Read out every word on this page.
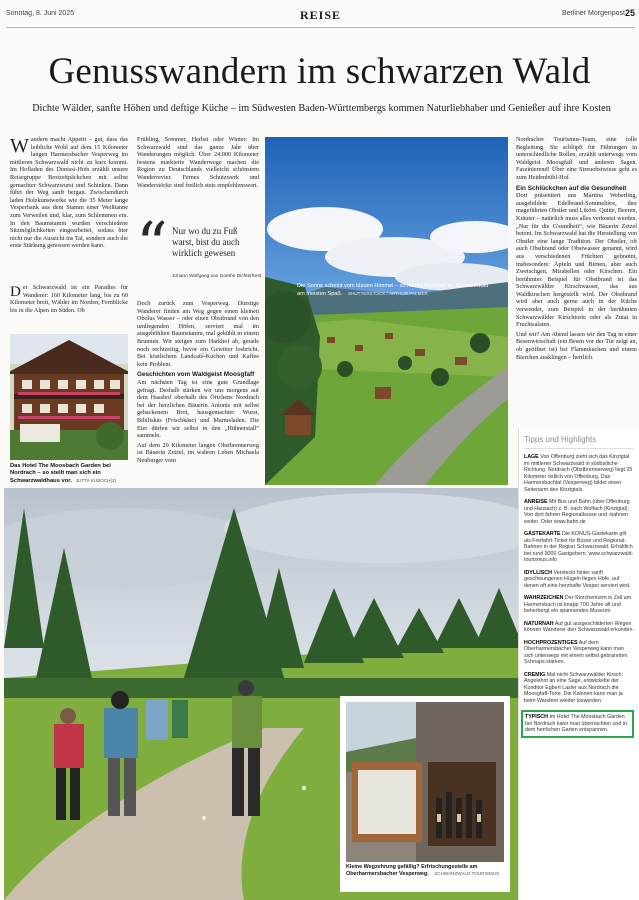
Sonntag, 8. Juni 2025	REISE	Berliner Morgenpost 25
Genusswandern im schwarzen Wald
Dichte Wälder, sanfte Höhen und deftige Küche – im Südwesten Baden-Württembergs kommen Naturliebhaber und Genießer auf ihre Kosten

Wandern macht Appetit – gut, dass das leibliche Wohl auf dem 15 Kilometer langen Harmersbacher Vesperweg im mittleren Schwarzwald nicht zu kurz kommt. Im Hofladen des Donissi-Hofs erzählt unsere Reisegruppe Brotzeitpäckchen mit selbst gemachter Schwarzwurst und Schinken. Dann führt der Weg sanft bergan. Zwischendurch laden Holzkunstwerke wie die 35 Meter lange Vesperbank aus dem Stamm einer Weißtanne zum Verweilen und, klar, zum Schlemmen ein. In den Baumstamm wurden verschiedene Sitzmöglichkeiten eingearbeitet, sodass hier nicht nur die Aussicht ins Tal, sondern auch die erste Stärkung genossen werden kann.

Der Schwarzwald ist ein Paradies für Wanderer: 160 Kilometer lang, bis zu 60 Kilometer breit, Wälder im Norden, Fernblicke bis in die Alpen im Süden. Ob

Das Hotel The Moosbach Garden bei Nordrach – so stellt man sich ein Schwarzwaldhaus vor. JUTTA KUBOCH(2)

Frühling, Sommer, Herbst oder Winter: Im Schwarzwald sind das ganze Jahr über Wanderungen möglich. Über 24.000 Kilometer bestens markierte Wanderwege machen die Region zu Deutschlands vielleicht schönstem Wanderrevier. Fernes Schutzwerk und Wanderstöcke sind freilich stets empfehlenswert.

“ Nur wo du zu Fuß warst, bist du auch wirklich gewesen
Johann Wolfgang von Goethe Dichterfürst

Doch zurück zum Vesperweg. Durstige Wanderer finden am Weg gegen einen kleinen Obolus Wasser – oder einen Obstbrand von den umliegenden Höfen, serviert mal im ausgehöhlten Baumstamm, mal gekühlt in einem Brunnen. Wir steigen zum Harkhof ab, gerade noch rechtzeitig, bevor ein Gewitter losbricht. Bei köstlichem Landcafé-Kuchen und Kaffee kein Problem.

Geschichten vom Waldgeist Moosgfaff

Am nächsten Tag ist eine gute Grundlage gefragt. Deshalb stärken wir uns morgens auf dem Haashof oberhalb des Örtchens Nordrach bei der herzlichen Bäuerin Antonis mit selbst gebackenem Brot, hausgemachter Wurst, Bibiliskäs (Frischkäse) und Marmeladen. Die Eier dürfen wir selbst in den „Hühnerstall“ sammeln.

Auf dem 20 Kilometer langen Obstbrennerweg ist Bäuerin Zetzel, im wahren Leben Michaela Neuburger vom

Die Sonne scheint vom blauen Himmel – so macht Wandern im Schwarzwald am meisten Spaß. SHUTTERSTOCK / ARTHUR PALMER

Nordracher Tourismus-Team, eine tolle Begleitung. Sie schlüpft für Führungen in unterschiedliche Rollen, erzählt unterwegs vom Waldgeist Moosgfaff und anderen Sagen. Faszinierend! Über eine Streuobstwiese geht es zum Heidenbühl-Hof.

Ein Schlückchen auf die Gesundheit

Dort präsentiert uns Martina Weberling, ausgebildete Edelbrand-Sommelière, ihre mageführten Obstler und Liköre. Quitte, Beeren, Kräuter – natürlich muss alles verkostet werden. „Nur für die G'sundheit“, wie Bäuerin Zetzel betont. Im Schwarzwald hat die Herstellung von Obstler eine lange Tradition. Der Obstler, oft auch Obstbrand oder Obstwasser genannt, wird aus verschiedenen Früchten gebrannt, insbesondere: Äpfeln und Birnen, aber auch Zwetschgen, Mirabellen oder Kirschen. Ein berühmtes Beispiel für Obstbrand ist das Schwarzwälder Kirschwasser, das aus Waldkirschen hergestellt wird. Der Obstbrand wird aber auch gerne auch in der Küche verwendet, zum Beispiel in der berühmten Schwarzwälder Kirschtorte oder als Zutat in Fruchtsalaten.

Und wir? Am Abend lassen wir den Tag in einer Besenwirtschaft (ein Besen vor der Tür zeigt an, ob geöffnet ist) bei Flammkuchen und einem Bierchen ausklingen – herrlich.

Kleine Wegzehrung gefällig? Erfrischungsstelle am Oberharmersbacher Vesperweg. SCHWARZWALD TOURISMUS
Tipps und Highlights
LAGE Von Offenburg zieht sich das Kinzigtal im mittleren Schwarzwald in südöstliche Richtung. Nordrach (Obstbrennerweg) liegt 25 Kilometer östlich von Offenburg, Das Harmersbachtal (Vesperweg) bildet einen Seitenarm des Kinzigtals.
ANREISE Mit Bus und Bahn (über Offenburg und Hausach) z. B. nach Wolfach (Kinzigtal). Von dort fahren Regionalbusse und -bahnen weiter. Oder www.bahn.de
GÄSTEKARTE Die KONUS-Gästekarte gilt als Freifahrt-Ticket für Busse und Regional-Bahnen in der Region Schwarzwald. Erhältlich bei rund 9000 Gastgebern. www.schwarzwald-tourismus.info
IDYLLISCH Versteckt hinter sanft geschwungenen Hügeln liegen Höfe, auf denen oft eine herzhafte Vesper serviert wird.
WAHRZEICHEN Der Storchenturm in Zell am Harmersbach ist knapp 700 Jahre alt und beherbergt ein spannendes Museum.
NATURNAH Auf gut ausgeschilderten Wegen können Wanderer den Schwarzwald erkunden.
HOCHPROZENTIGES Auf dem Oberharmersbacher Vesperweg kann man sich unterwegs mit einem selbst gebrannten Schnaps stärken.
CREMIG Mal nicht Schwarzwälder Kirsch: Angelehnt an eine Sage, entwickelte der Konditor Egbert Lasler aus Nordrach die Moosgfaff-Torte. Die Kalorien kann man ja beim Wandern wieder loswerden.
TYPISCH Im Hotel The Moosbach Garden bei Nordrach kann man übernachten und in dem herrlichen Garten entspannen.
